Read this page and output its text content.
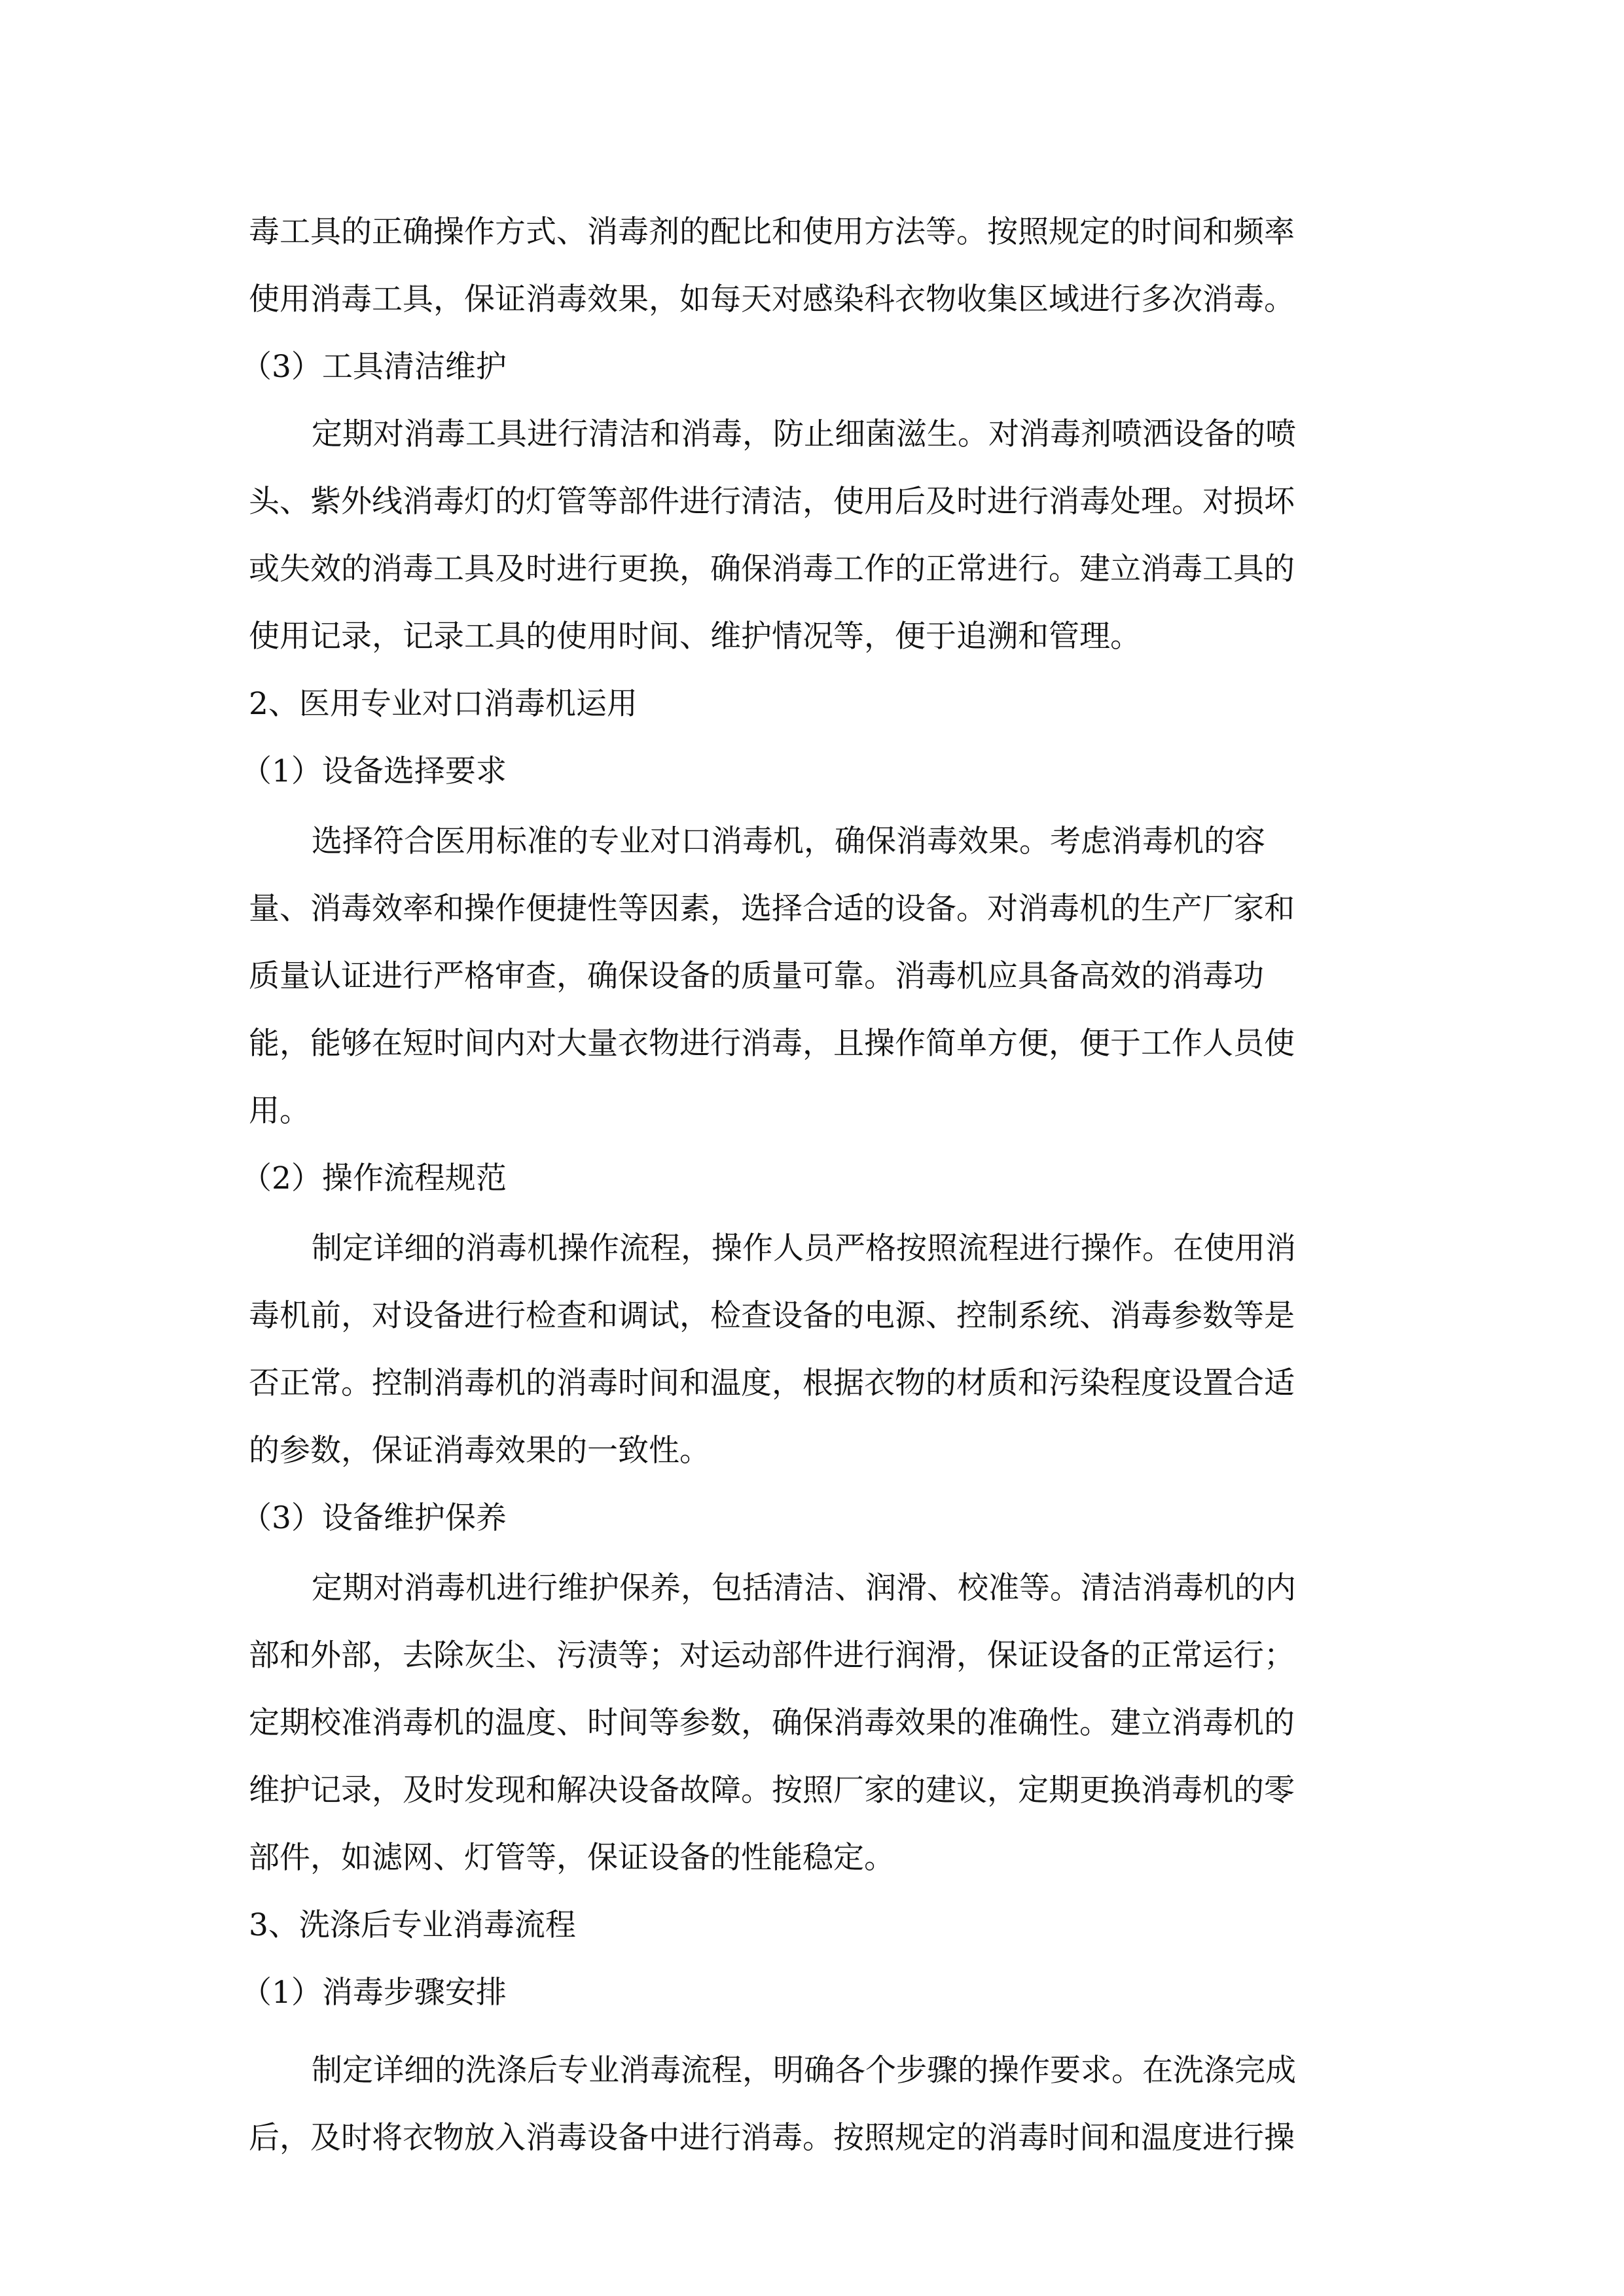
毒工具的正确操作方式、消毒剂的配比和使用方法等。按照规定的时间和频率
使用消毒工具，保证消毒效果，如每天对感染科衣物收集区域进行多次消毒。
（3）工具清洁维护
定期对消毒工具进行清洁和消毒，防止细菌滋生。对消毒剂喷洒设备的喷
头、紫外线消毒灯的灯管等部件进行清洁，使用后及时进行消毒处理。对损坏
或失效的消毒工具及时进行更换，确保消毒工作的正常进行。建立消毒工具的
使用记录，记录工具的使用时间、维护情况等，便于追溯和管理。
2、医用专业对口消毒机运用
（1）设备选择要求
选择符合医用标准的专业对口消毒机，确保消毒效果。考虑消毒机的容
量、消毒效率和操作便捷性等因素，选择合适的设备。对消毒机的生产厂家和
质量认证进行严格审查，确保设备的质量可靠。消毒机应具备高效的消毒功
能，能够在短时间内对大量衣物进行消毒，且操作简单方便，便于工作人员使
用。
（2）操作流程规范
制定详细的消毒机操作流程，操作人员严格按照流程进行操作。在使用消
毒机前，对设备进行检查和调试，检查设备的电源、控制系统、消毒参数等是
否正常。控制消毒机的消毒时间和温度，根据衣物的材质和污染程度设置合适
的参数，保证消毒效果的一致性。
（3）设备维护保养
定期对消毒机进行维护保养，包括清洁、润滑、校准等。清洁消毒机的内
部和外部，去除灰尘、污渍等；对运动部件进行润滑，保证设备的正常运行；
定期校准消毒机的温度、时间等参数，确保消毒效果的准确性。建立消毒机的
维护记录，及时发现和解决设备故障。按照厂家的建议，定期更换消毒机的零
部件，如滤网、灯管等，保证设备的性能稳定。
3、洗涤后专业消毒流程
（1）消毒步骤安排
制定详细的洗涤后专业消毒流程，明确各个步骤的操作要求。在洗涤完成
后，及时将衣物放入消毒设备中进行消毒。按照规定的消毒时间和温度进行操
